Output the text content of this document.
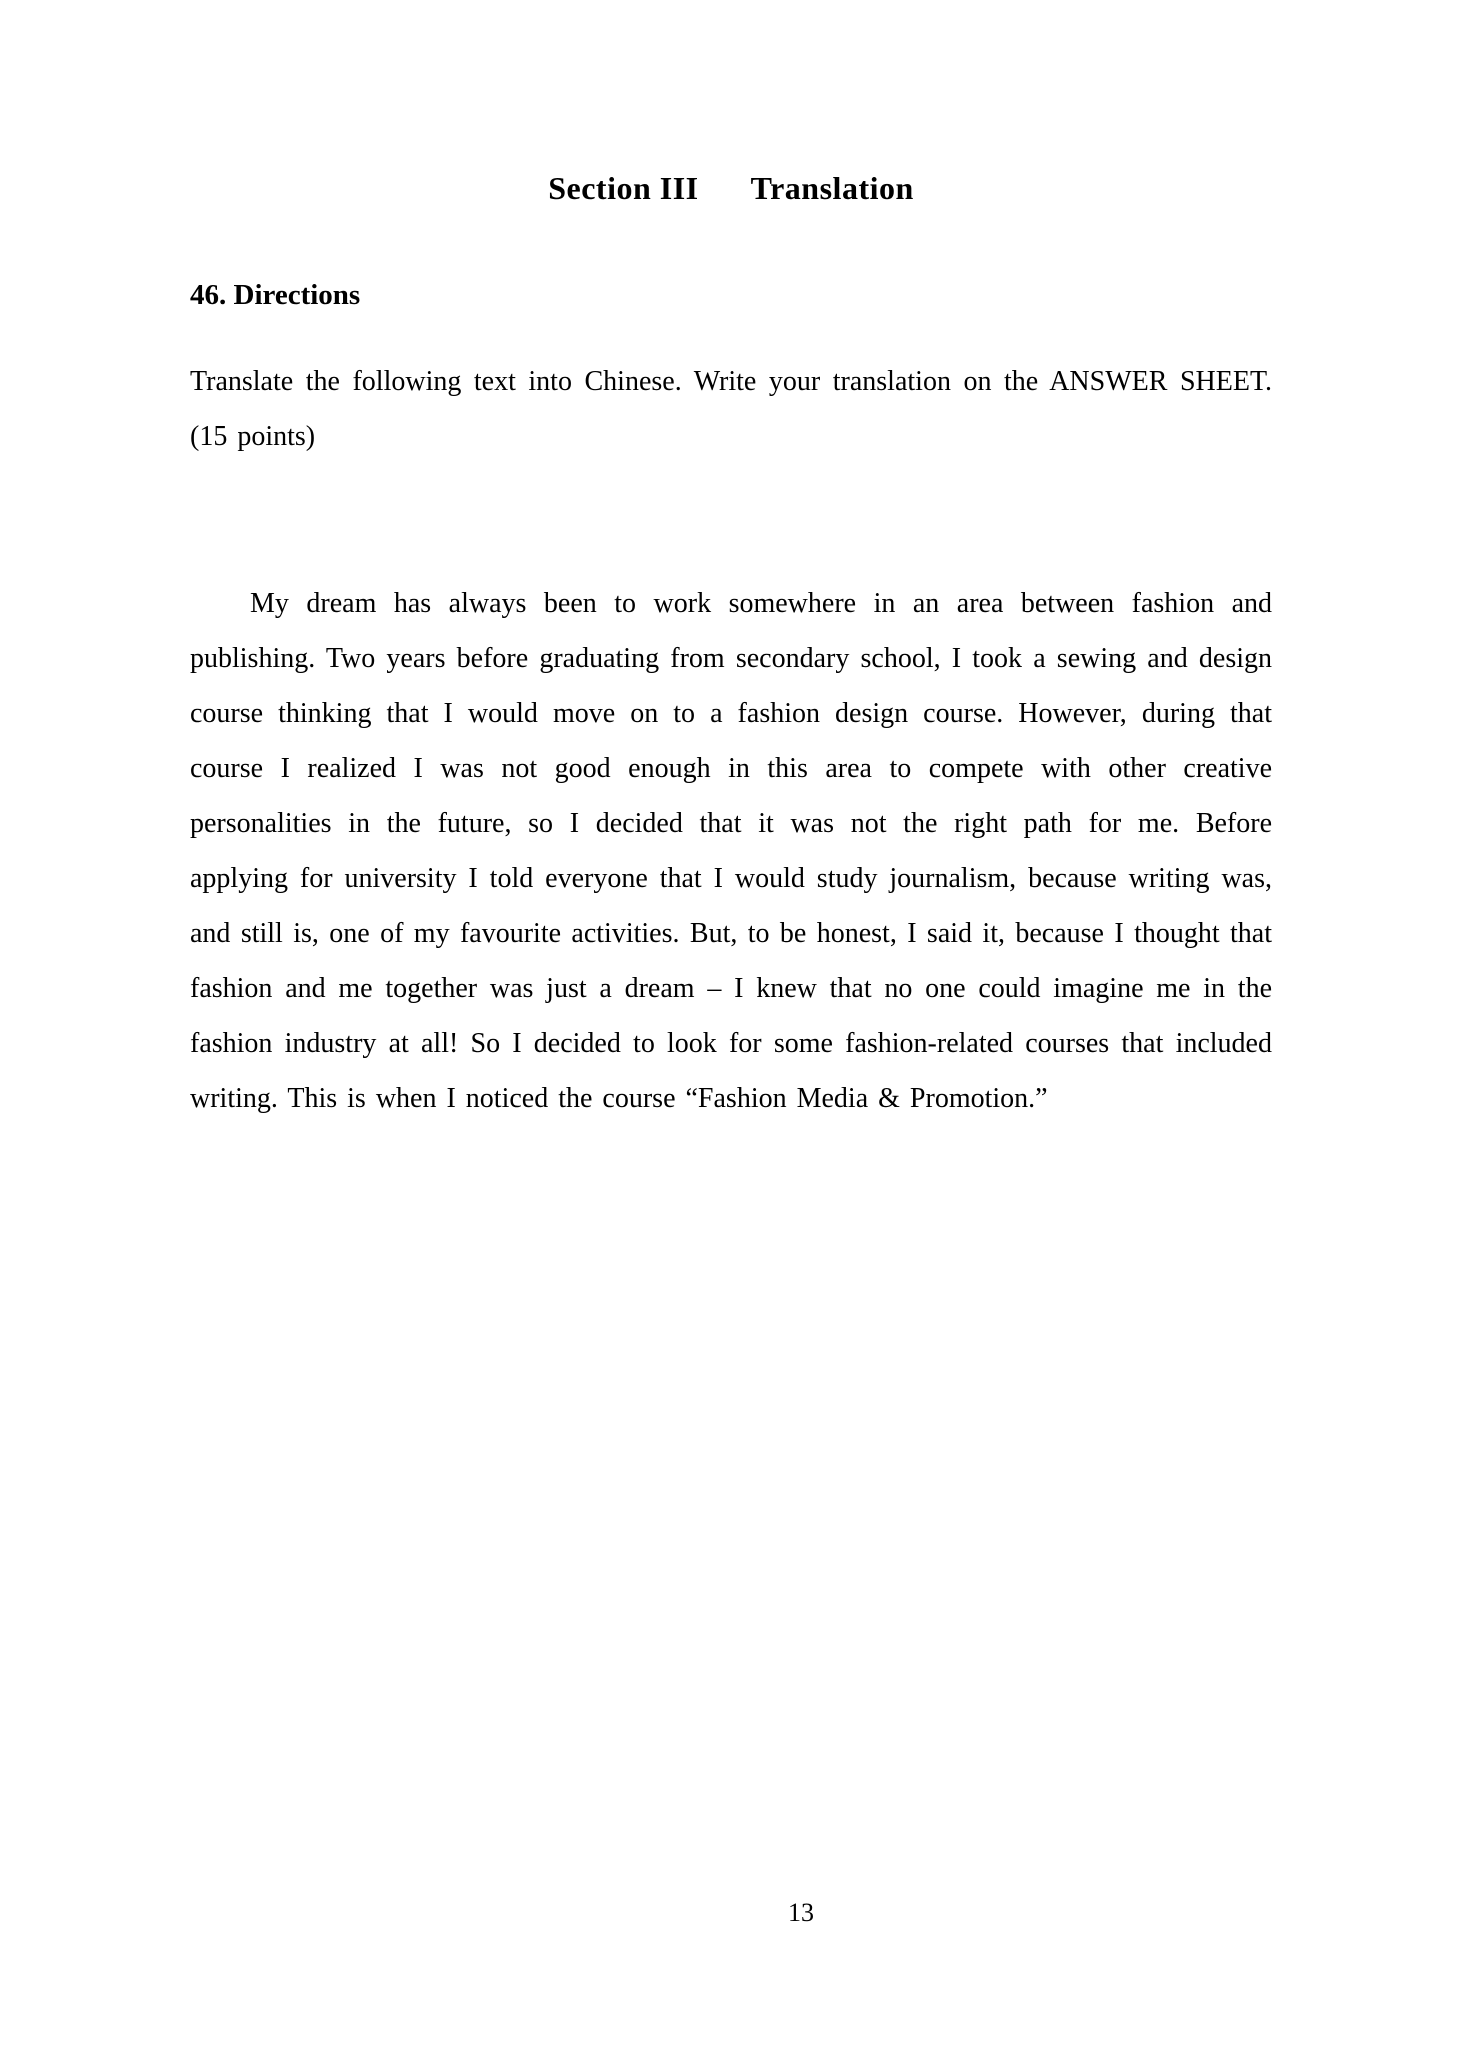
Section III Translation
46. Directions
Translate the following text into Chinese. Write your translation on the ANSWER SHEET. (15 points)
My dream has always been to work somewhere in an area between fashion and publishing. Two years before graduating from secondary school, I took a sewing and design course thinking that I would move on to a fashion design course. However, during that course I realized I was not good enough in this area to compete with other creative personalities in the future, so I decided that it was not the right path for me. Before applying for university I told everyone that I would study journalism, because writing was, and still is, one of my favourite activities. But, to be honest, I said it, because I thought that fashion and me together was just a dream – I knew that no one could imagine me in the fashion industry at all! So I decided to look for some fashion-related courses that included writing. This is when I noticed the course “Fashion Media & Promotion.”
13
